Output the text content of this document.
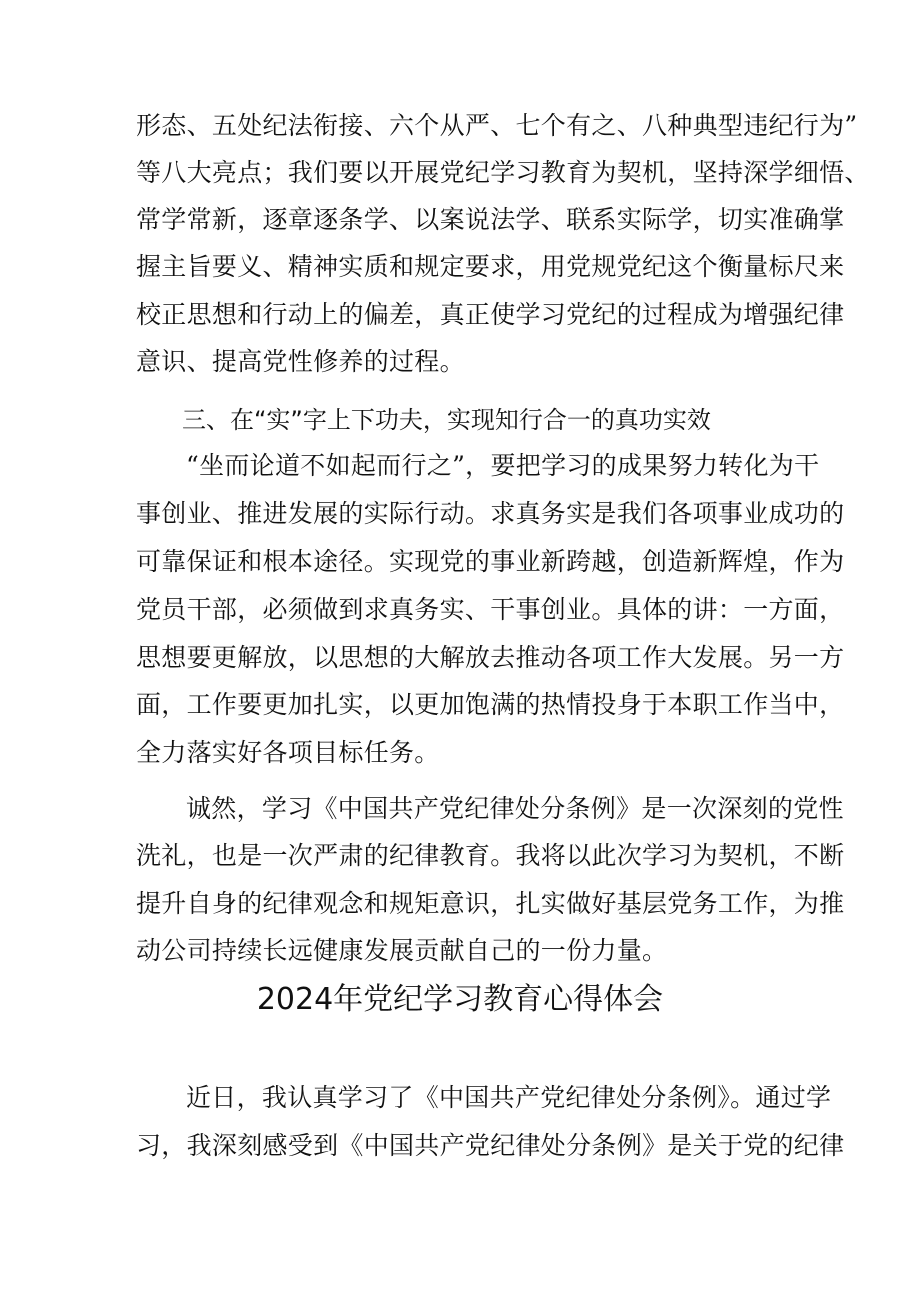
形态、五处纪法衔接、六个从严、七个有之、八种典型违纪行为”
等八大亮点；我们要以开展党纪学习教育为契机，坚持深学细悟、
常学常新，逐章逐条学、以案说法学、联系实际学，切实准确掌
握主旨要义、精神实质和规定要求，用党规党纪这个衡量标尺来
校正思想和行动上的偏差，真正使学习党纪的过程成为增强纪律
意识、提高党性修养的过程。
三、在“实”字上下功夫，实现知行合一的真功实效
“坐而论道不如起而行之”，要把学习的成果努力转化为干
事创业、推进发展的实际行动。求真务实是我们各项事业成功的
可靠保证和根本途径。实现党的事业新跨越，创造新辉煌，作为
党员干部，必须做到求真务实、干事创业。具体的讲：一方面，
思想要更解放，以思想的大解放去推动各项工作大发展。另一方
面，工作要更加扎实，以更加饱满的热情投身于本职工作当中，
全力落实好各项目标任务。
诚然，学习《中国共产党纪律处分条例》是一次深刻的党性
洗礼，也是一次严肃的纪律教育。我将以此次学习为契机，不断
提升自身的纪律观念和规矩意识，扎实做好基层党务工作，为推
动公司持续长远健康发展贡献自己的一份力量。
2024年党纪学习教育心得体会
近日，我认真学习了《中国共产党纪律处分条例》。通过学
习，我深刻感受到《中国共产党纪律处分条例》是关于党的纪律
